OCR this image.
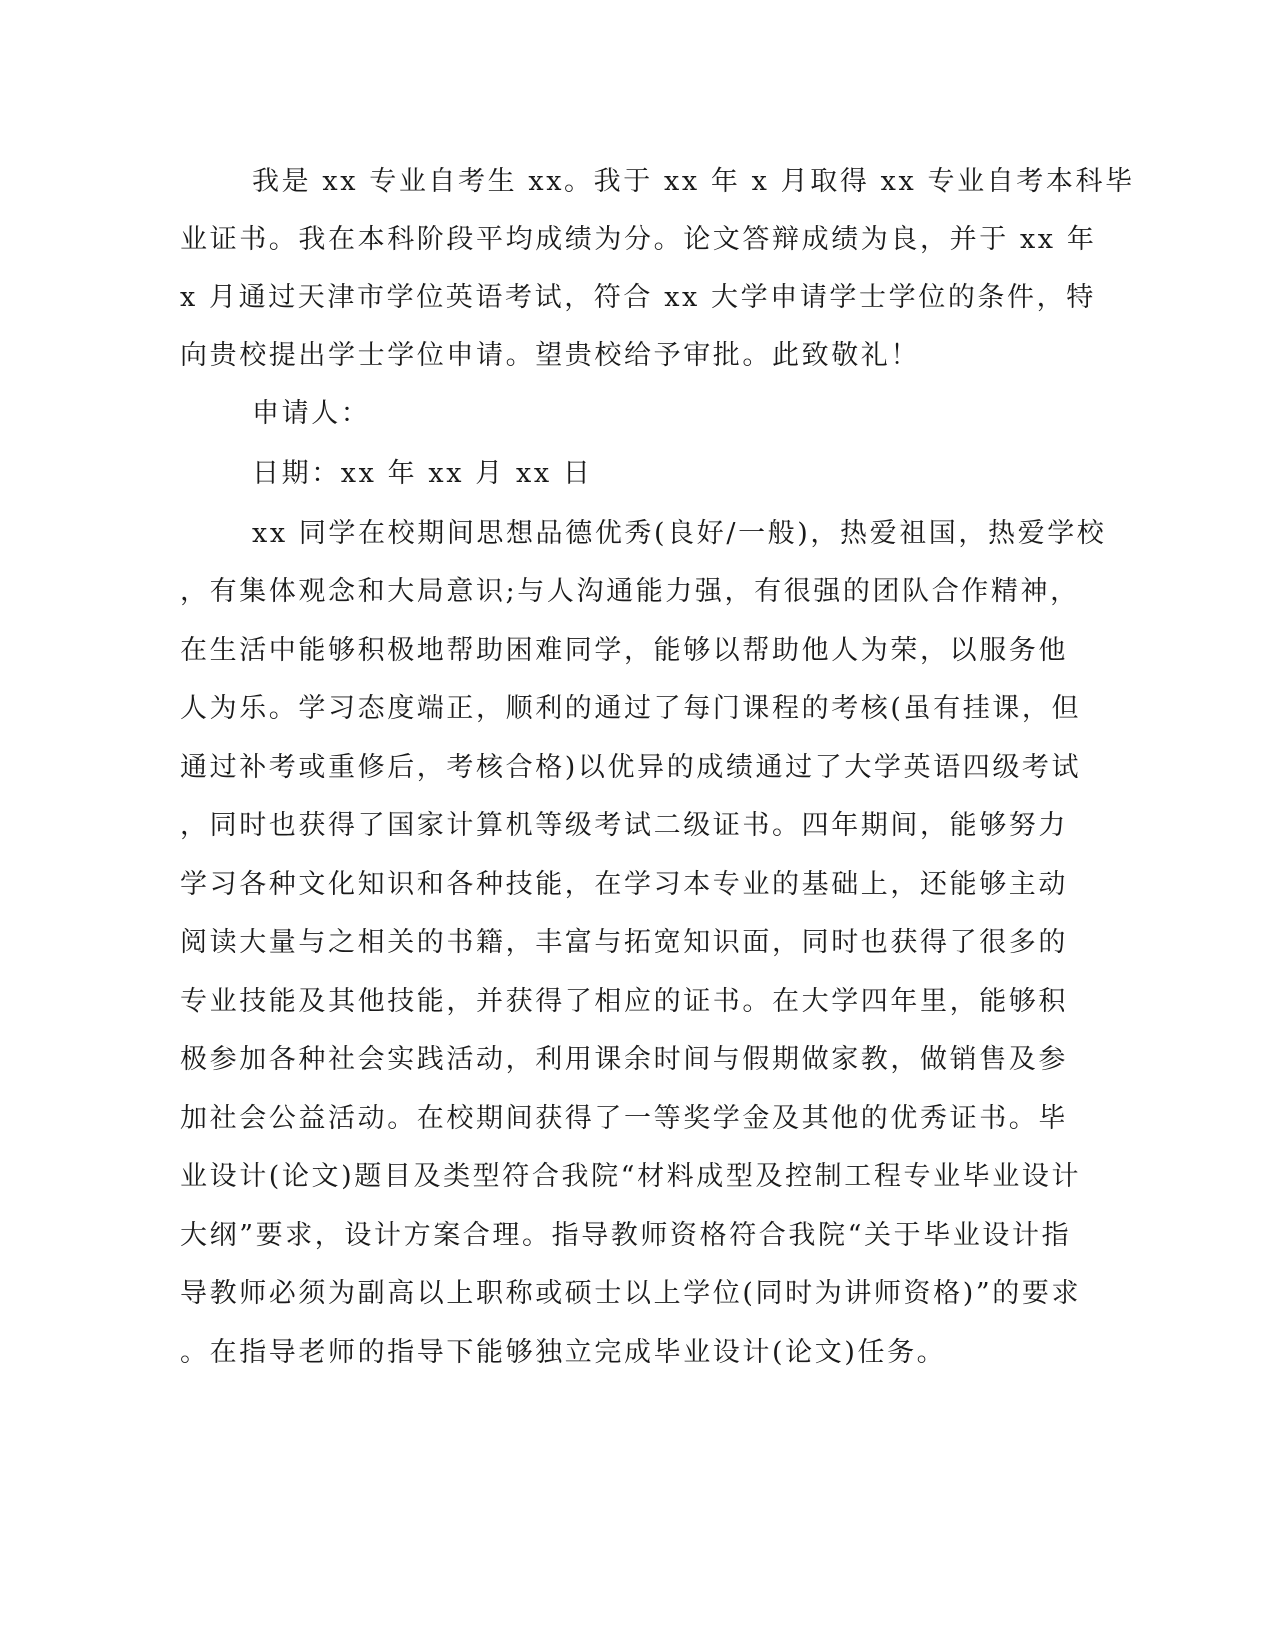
我是 xx 专业自考生 xx。我于 xx 年 x 月取得 xx 专业自考本科毕
业证书。我在本科阶段平均成绩为分。论文答辩成绩为良，并于 xx 年
x 月通过天津市学位英语考试，符合 xx 大学申请学士学位的条件，特
向贵校提出学士学位申请。望贵校给予审批。此致敬礼！
申请人：
日期：xx 年 xx 月 xx 日
xx 同学在校期间思想品德优秀(良好/一般)，热爱祖国，热爱学校
，有集体观念和大局意识;与人沟通能力强，有很强的团队合作精神，
在生活中能够积极地帮助困难同学，能够以帮助他人为荣，以服务他
人为乐。学习态度端正，顺利的通过了每门课程的考核(虽有挂课，但
通过补考或重修后，考核合格)以优异的成绩通过了大学英语四级考试
，同时也获得了国家计算机等级考试二级证书。四年期间，能够努力
学习各种文化知识和各种技能，在学习本专业的基础上，还能够主动
阅读大量与之相关的书籍，丰富与拓宽知识面，同时也获得了很多的
专业技能及其他技能，并获得了相应的证书。在大学四年里，能够积
极参加各种社会实践活动，利用课余时间与假期做家教，做销售及参
加社会公益活动。在校期间获得了一等奖学金及其他的优秀证书。毕
业设计(论文)题目及类型符合我院“材料成型及控制工程专业毕业设计
大纲”要求，设计方案合理。指导教师资格符合我院“关于毕业设计指
导教师必须为副高以上职称或硕士以上学位(同时为讲师资格)”的要求
。在指导老师的指导下能够独立完成毕业设计(论文)任务。
